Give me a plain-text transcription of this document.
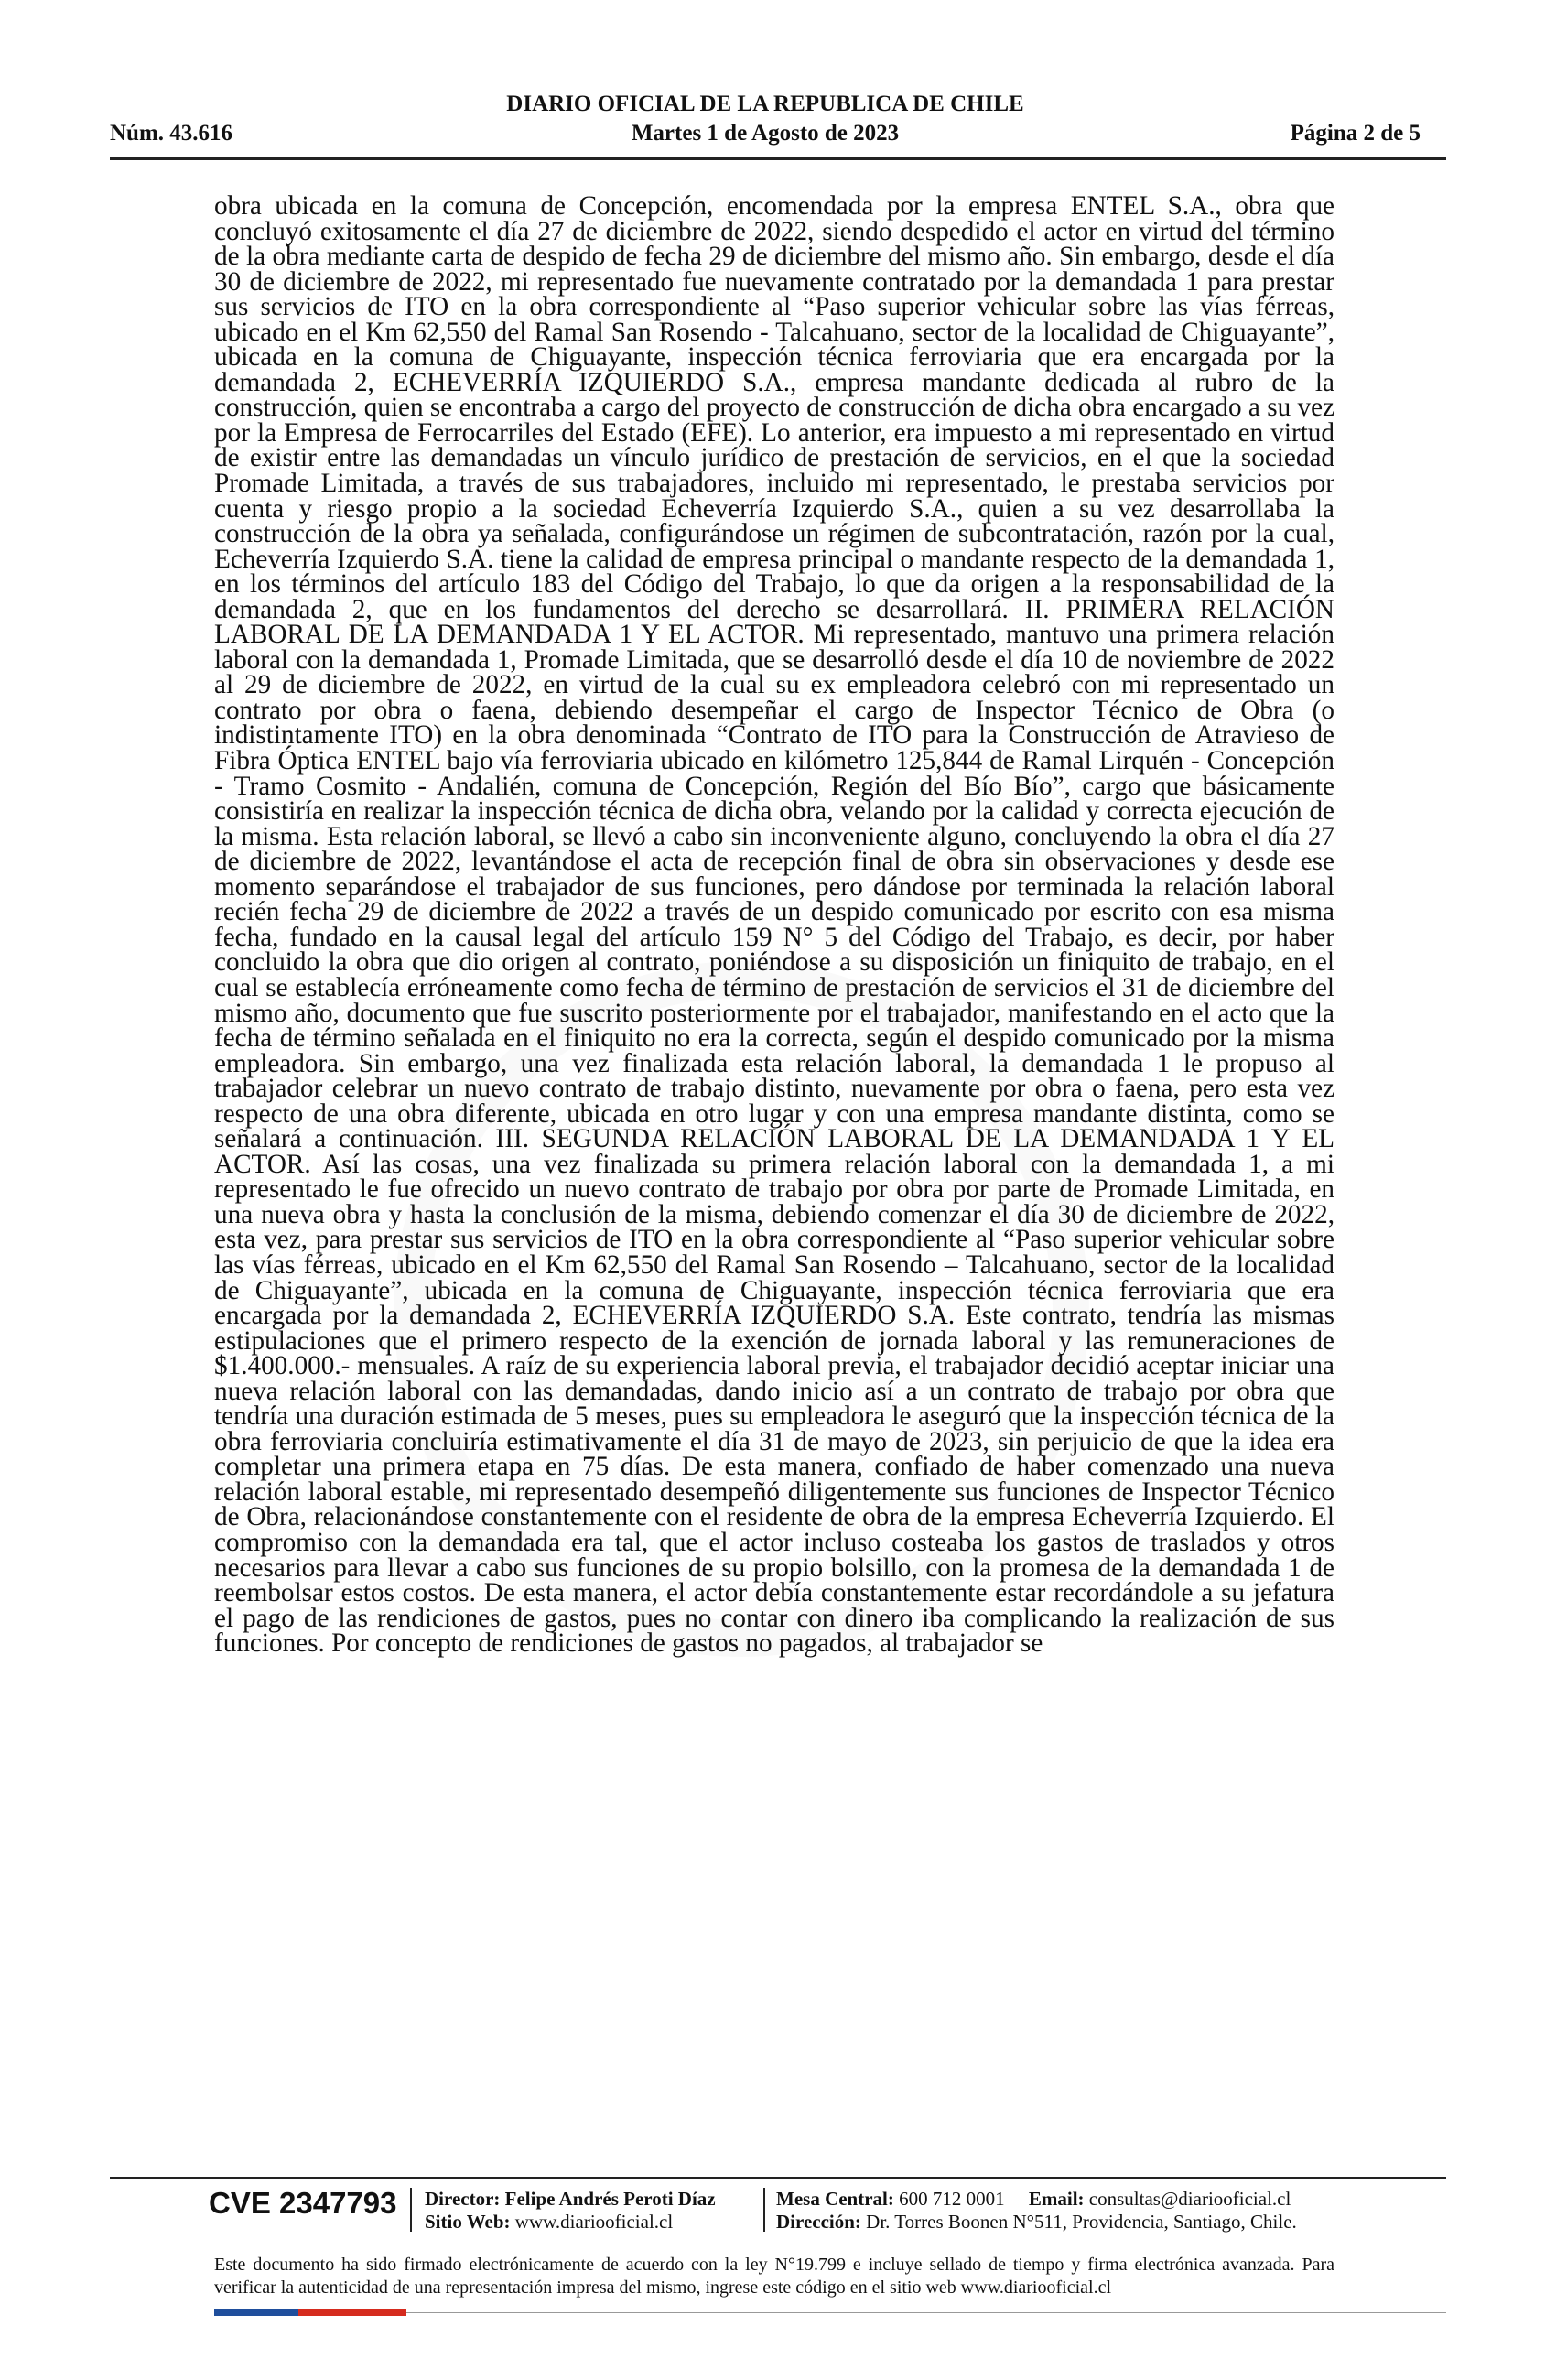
DIARIO OFICIAL DE LA REPUBLICA DE CHILE
Núm. 43.616	Martes 1 de Agosto de 2023	Página 2 de 5
obra ubicada en la comuna de Concepción, encomendada por la empresa ENTEL S.A., obra que concluyó exitosamente el día 27 de diciembre de 2022, siendo despedido el actor en virtud del término de la obra mediante carta de despido de fecha 29 de diciembre del mismo año. Sin embargo, desde el día 30 de diciembre de 2022, mi representado fue nuevamente contratado por la demandada 1 para prestar sus servicios de ITO en la obra correspondiente al “Paso superior vehicular sobre las vías férreas, ubicado en el Km 62,550 del Ramal San Rosendo - Talcahuano, sector de la localidad de Chiguayante”, ubicada en la comuna de Chiguayante, inspección técnica ferroviaria que era encargada por la demandada 2, ECHEVERRÍA IZQUIERDO S.A., empresa mandante dedicada al rubro de la construcción, quien se encontraba a cargo del proyecto de construcción de dicha obra encargado a su vez por la Empresa de Ferrocarriles del Estado (EFE). Lo anterior, era impuesto a mi representado en virtud de existir entre las demandadas un vínculo jurídico de prestación de servicios, en el que la sociedad Promade Limitada, a través de sus trabajadores, incluido mi representado, le prestaba servicios por cuenta y riesgo propio a la sociedad Echeverría Izquierdo S.A., quien a su vez desarrollaba la construcción de la obra ya señalada, configurándose un régimen de subcontratación, razón por la cual, Echeverría Izquierdo S.A. tiene la calidad de empresa principal o mandante respecto de la demandada 1, en los términos del artículo 183 del Código del Trabajo, lo que da origen a la responsabilidad de la demandada 2, que en los fundamentos del derecho se desarrollará. II. PRIMERA RELACIÓN LABORAL DE LA DEMANDADA 1 Y EL ACTOR. Mi representado, mantuvo una primera relación laboral con la demandada 1, Promade Limitada, que se desarrolló desde el día 10 de noviembre de 2022 al 29 de diciembre de 2022, en virtud de la cual su ex empleadora celebró con mi representado un contrato por obra o faena, debiendo desempeñar el cargo de Inspector Técnico de Obra (o indistintamente ITO) en la obra denominada “Contrato de ITO para la Construcción de Atravieso de Fibra Óptica ENTEL bajo vía ferroviaria ubicado en kilómetro 125,844 de Ramal Lirquén - Concepción - Tramo Cosmito - Andalién, comuna de Concepción, Región del Bío Bío”, cargo que básicamente consistiría en realizar la inspección técnica de dicha obra, velando por la calidad y correcta ejecución de la misma. Esta relación laboral, se llevó a cabo sin inconveniente alguno, concluyendo la obra el día 27 de diciembre de 2022, levantándose el acta de recepción final de obra sin observaciones y desde ese momento separándose el trabajador de sus funciones, pero dándose por terminada la relación laboral recién fecha 29 de diciembre de 2022 a través de un despido comunicado por escrito con esa misma fecha, fundado en la causal legal del artículo 159 N° 5 del Código del Trabajo, es decir, por haber concluido la obra que dio origen al contrato, poniéndose a su disposición un finiquito de trabajo, en el cual se establecía erróneamente como fecha de término de prestación de servicios el 31 de diciembre del mismo año, documento que fue suscrito posteriormente por el trabajador, manifestando en el acto que la fecha de término señalada en el finiquito no era la correcta, según el despido comunicado por la misma empleadora. Sin embargo, una vez finalizada esta relación laboral, la demandada 1 le propuso al trabajador celebrar un nuevo contrato de trabajo distinto, nuevamente por obra o faena, pero esta vez respecto de una obra diferente, ubicada en otro lugar y con una empresa mandante distinta, como se señalará a continuación. III. SEGUNDA RELACIÓN LABORAL DE LA DEMANDADA 1 Y EL ACTOR. Así las cosas, una vez finalizada su primera relación laboral con la demandada 1, a mi representado le fue ofrecido un nuevo contrato de trabajo por obra por parte de Promade Limitada, en una nueva obra y hasta la conclusión de la misma, debiendo comenzar el día 30 de diciembre de 2022, esta vez, para prestar sus servicios de ITO en la obra correspondiente al “Paso superior vehicular sobre las vías férreas, ubicado en el Km 62,550 del Ramal San Rosendo – Talcahuano, sector de la localidad de Chiguayante”, ubicada en la comuna de Chiguayante, inspección técnica ferroviaria que era encargada por la demandada 2, ECHEVERRÍA IZQUIERDO S.A. Este contrato, tendría las mismas estipulaciones que el primero respecto de la exención de jornada laboral y las remuneraciones de $1.400.000.- mensuales. A raíz de su experiencia laboral previa, el trabajador decidió aceptar iniciar una nueva relación laboral con las demandadas, dando inicio así a un contrato de trabajo por obra que tendría una duración estimada de 5 meses, pues su empleadora le aseguró que la inspección técnica de la obra ferroviaria concluiría estimativamente el día 31 de mayo de 2023, sin perjuicio de que la idea era completar una primera etapa en 75 días. De esta manera, confiado de haber comenzado una nueva relación laboral estable, mi representado desempeñó diligentemente sus funciones de Inspector Técnico de Obra, relacionándose constantemente con el residente de obra de la empresa Echeverría Izquierdo. El compromiso con la demandada era tal, que el actor incluso costeaba los gastos de traslados y otros necesarios para llevar a cabo sus funciones de su propio bolsillo, con la promesa de la demandada 1 de reembolsar estos costos. De esta manera, el actor debía constantemente estar recordándole a su jefatura el pago de las rendiciones de gastos, pues no contar con dinero iba complicando la realización de sus funciones. Por concepto de rendiciones de gastos no pagados, al trabajador se
CVE 2347793 Director: Felipe Andrés Peroti Díaz
Sitio Web: www.diariooficial.cl
Mesa Central: 600 712 0001 Email: consultas@diariooficial.cl
Dirección: Dr. Torres Boonen N°511, Providencia, Santiago, Chile.
Este documento ha sido firmado electrónicamente de acuerdo con la ley N°19.799 e incluye sellado de tiempo y firma electrónica avanzada. Para verificar la autenticidad de una representación impresa del mismo, ingrese este código en el sitio web www.diariooficial.cl
